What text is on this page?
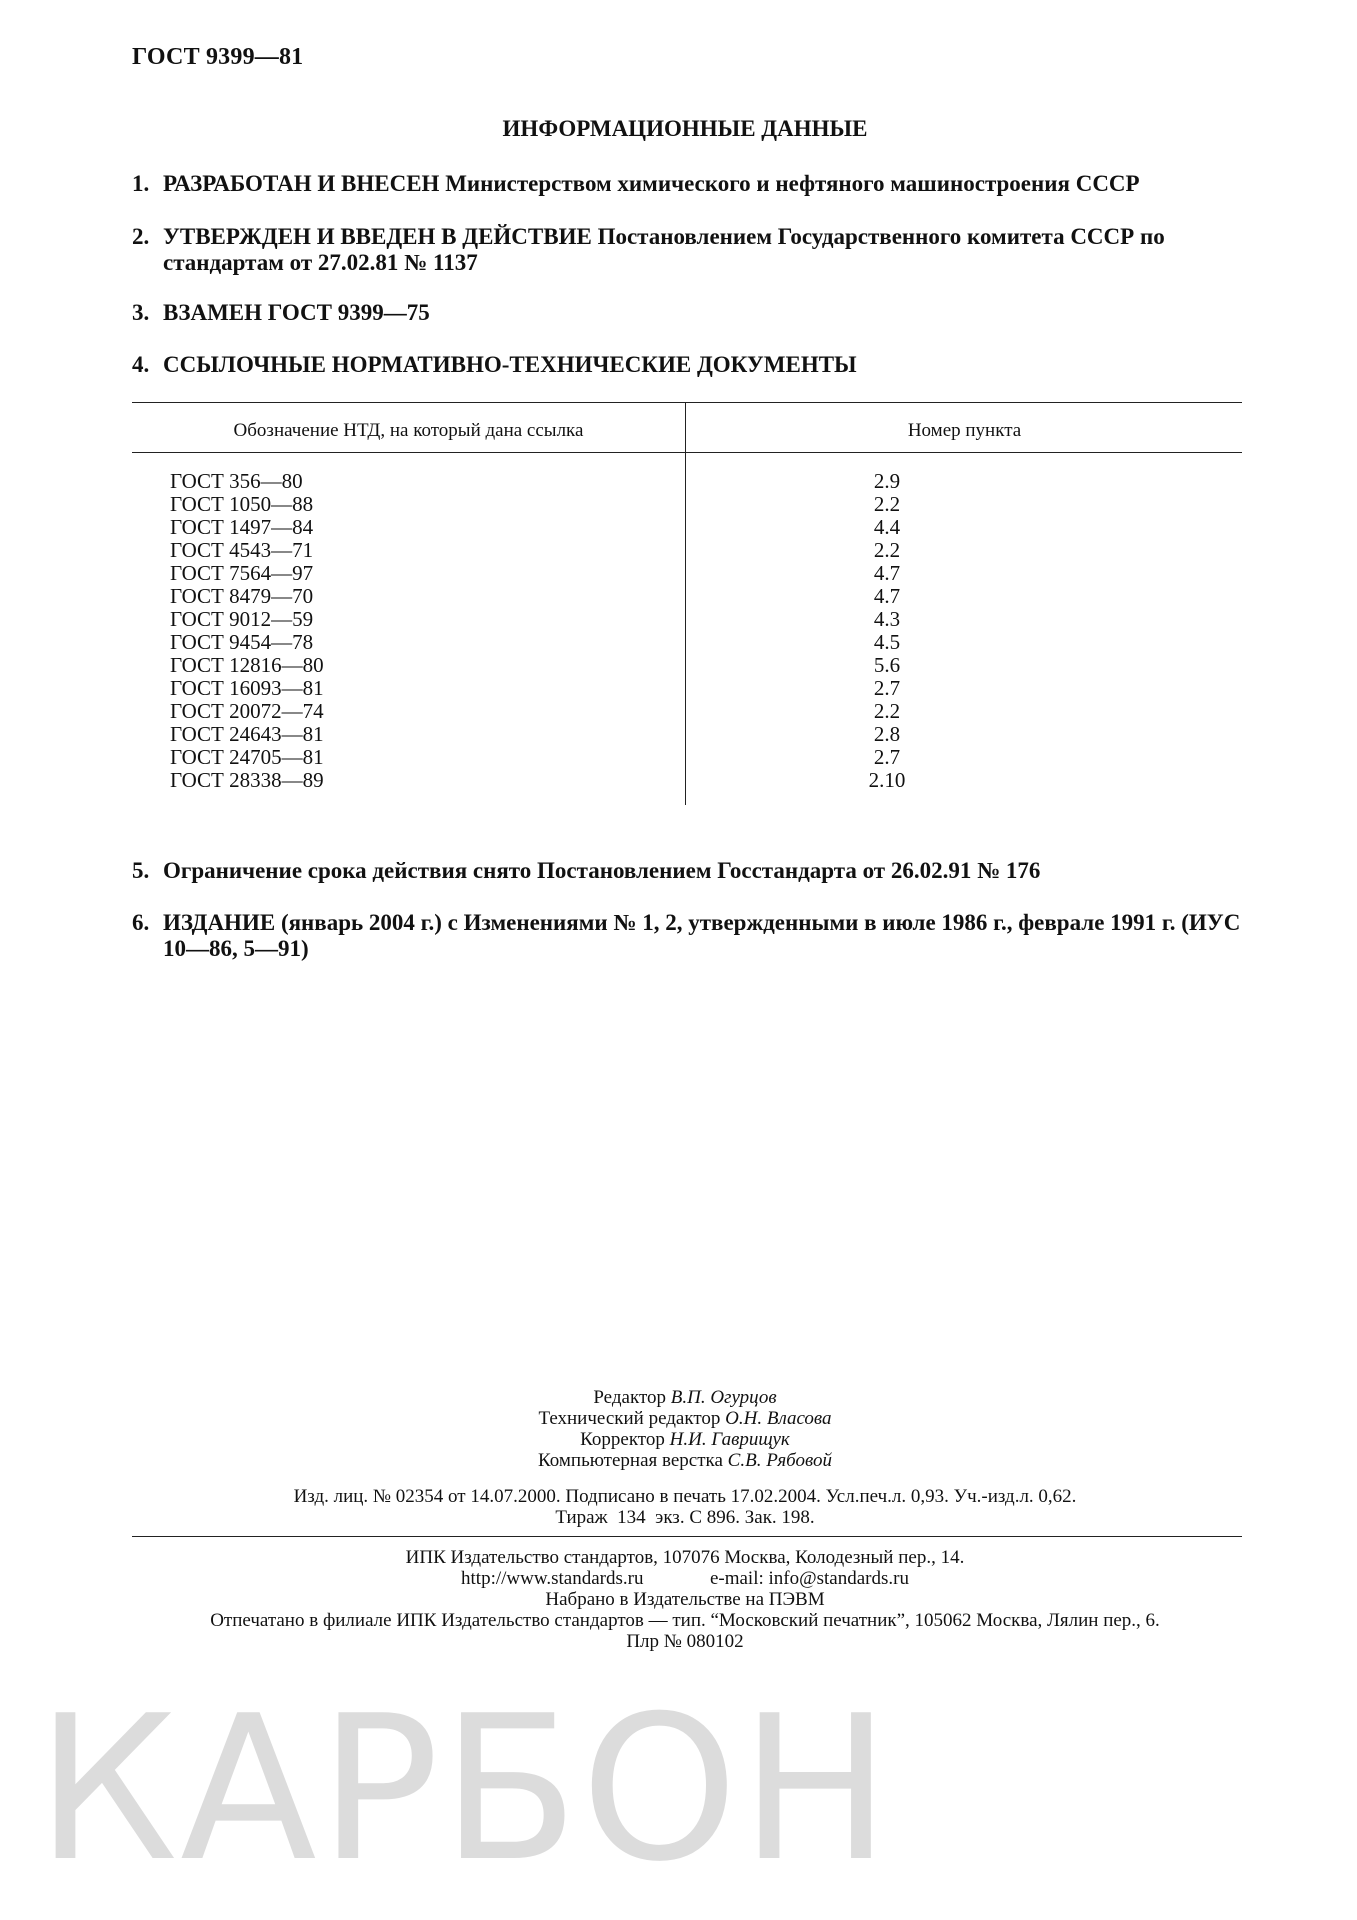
ГОСТ 9399—81
ИНФОРМАЦИОННЫЕ ДАННЫЕ
1. РАЗРАБОТАН И ВНЕСЕН Министерством химического и нефтяного машиностроения СССР
2. УТВЕРЖДЕН И ВВЕДЕН В ДЕЙСТВИЕ Постановлением Государственного комитета СССР по стандартам от 27.02.81 № 1137
3. ВЗАМЕН ГОСТ 9399—75
4. ССЫЛОЧНЫЕ НОРМАТИВНО-ТЕХНИЧЕСКИЕ ДОКУМЕНТЫ
Обозначение НТД, на который дана ссылка	Номер пункта
ГОСТ 356—80	2.9
ГОСТ 1050—88	2.2
ГОСТ 1497—84	4.4
ГОСТ 4543—71	2.2
ГОСТ 7564—97	4.7
ГОСТ 8479—70	4.7
ГОСТ 9012—59	4.3
ГОСТ 9454—78	4.5
ГОСТ 12816—80	5.6
ГОСТ 16093—81	2.7
ГОСТ 20072—74	2.2
ГОСТ 24643—81	2.8
ГОСТ 24705—81	2.7
ГОСТ 28338—89	2.10
5. Ограничение срока действия снято Постановлением Госстандарта от 26.02.91 № 176
6. ИЗДАНИЕ (январь 2004 г.) с Изменениями № 1, 2, утвержденными в июле 1986 г., феврале 1991 г. (ИУС 10—86, 5—91)
Редактор В.П. Огурцов
Технический редактор О.Н. Власова
Корректор Н.И. Гаврищук
Компьютерная верстка С.В. Рябовой
Изд. лиц. № 02354 от 14.07.2000. Подписано в печать 17.02.2004. Усл.печ.л. 0,93. Уч.-изд.л. 0,62.
Тираж  134  экз. С 896. Зак. 198.
ИПК Издательство стандартов, 107076 Москва, Колодезный пер., 14.
http://www.standards.ru	e-mail: info@standards.ru
Набрано в Издательстве на ПЭВМ
Отпечатано в филиале ИПК Издательство стандартов — тип. “Московский печатник”, 105062 Москва, Лялин пер., 6.
Плр № 080102
КАРБОН
